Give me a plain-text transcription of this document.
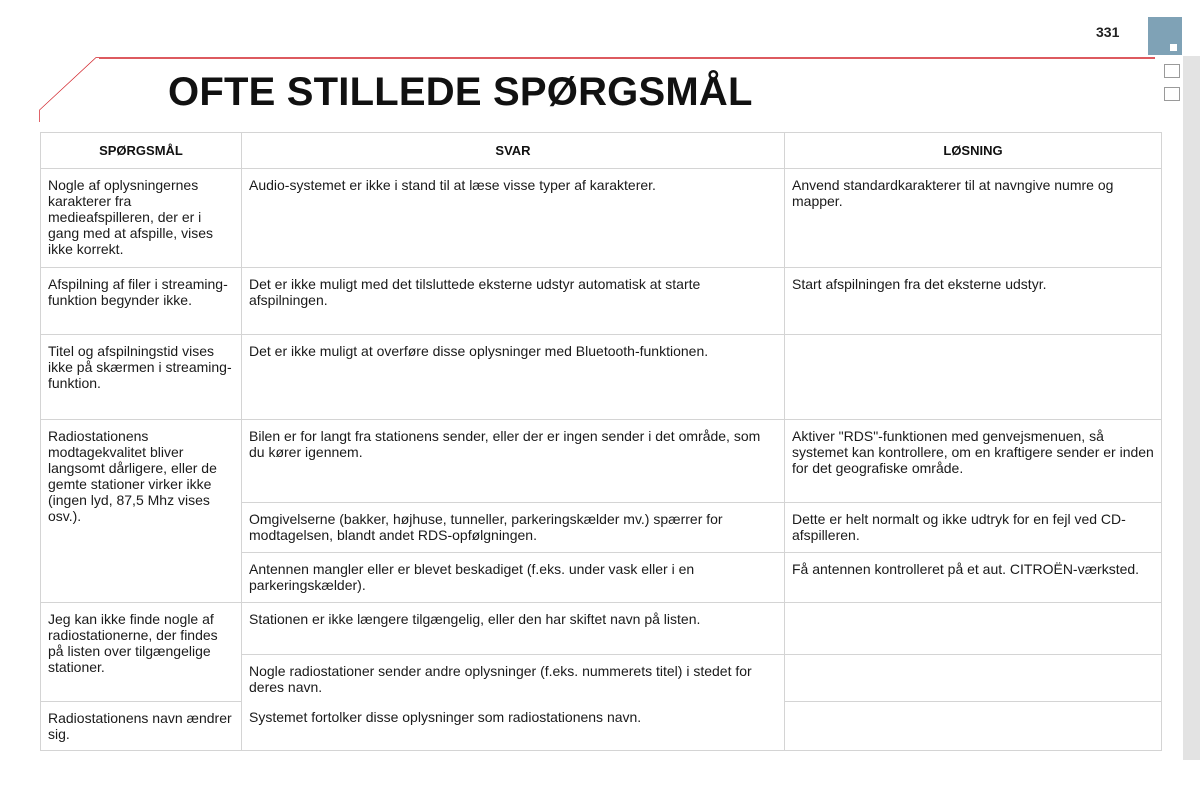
331
OFTE STILLEDE SPØRGSMÅL
SPØRGSMÅL	SVAR	LØSNING
Nogle af oplysningernes karakterer fra medieafspilleren, der er i gang med at afspille, vises ikke korrekt.	Audio-systemet er ikke i stand til at læse visse typer af karakterer.	Anvend standardkarakterer til at navngive numre og mapper.
Afspilning af filer i streaming-funktion begynder ikke.	Det er ikke muligt med det tilsluttede eksterne udstyr automatisk at starte afspilningen.	Start afspilningen fra det eksterne udstyr.
Titel og afspilningstid vises ikke på skærmen i streaming-funktion.	Det er ikke muligt at overføre disse oplysninger med Bluetooth-funktionen.	
Radiostationens modtagekvalitet bliver langsomt dårligere, eller de gemte stationer virker ikke (ingen lyd, 87,5 Mhz vises osv.).	Bilen er for langt fra stationens sender, eller der er ingen sender i det område, som du kører igennem.	Aktiver "RDS"-funktionen med genvejsmenuen, så systemet kan kontrollere, om en kraftigere sender er inden for det geografiske område.
	Omgivelserne (bakker, højhuse, tunneller, parkeringskælder mv.) spærrer for modtagelsen, blandt andet RDS-opfølgningen.	Dette er helt normalt og ikke udtryk for en fejl ved CD-afspilleren.
	Antennen mangler eller er blevet beskadiget (f.eks. under vask eller i en parkeringskælder).	Få antennen kontrolleret på et aut. CITROËN-værksted.
Jeg kan ikke finde nogle af radiostationerne, der findes på listen over tilgængelige stationer.	Stationen er ikke længere tilgængelig, eller den har skiftet navn på listen.	
	Nogle radiostationer sender andre oplysninger (f.eks. nummerets titel) i stedet for deres navn.	
Radiostationens navn ændrer sig.	Systemet fortolker disse oplysninger som radiostationens navn.	
